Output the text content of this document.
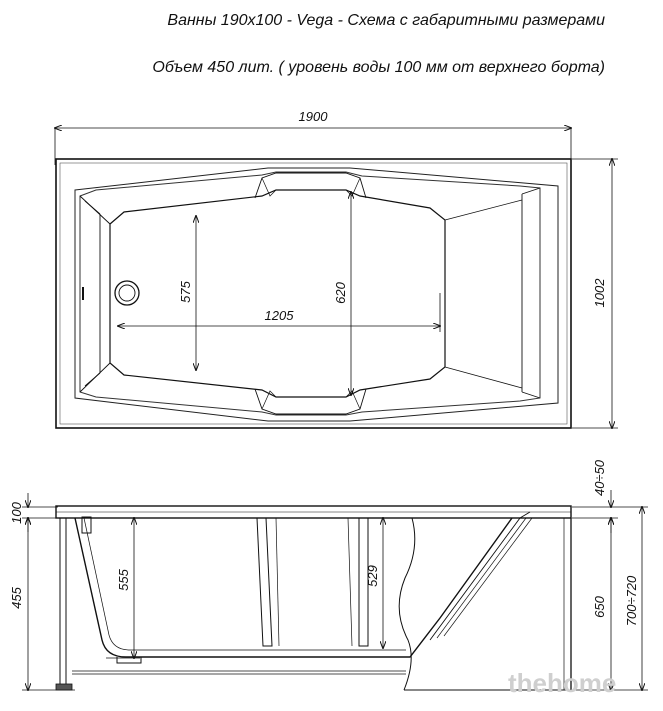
Ванны 190х100 - Vega - Схема с габаритными размерами
Объем 450 лит. ( уровень воды 100 мм от верхнего борта)
1900
1002
1205
575	620
100
455
555	529
40÷50
650 700÷720
thehome
